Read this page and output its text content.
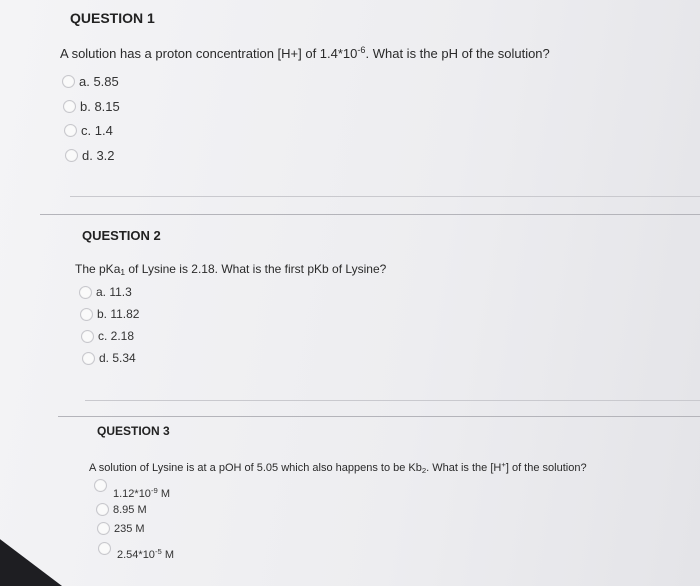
QUESTION 1
A solution has a proton concentration [H+] of $1.4*10^{-6}$. What is the pH of the solution?
a. 5.85
b. 8.15
c. 1.4
d. 3.2
QUESTION 2
The pKa$_1$ of Lysine is 2.18. What is the first pKb of Lysine?
a. 11.3
b. 11.82
c. 2.18
d. 5.34
QUESTION 3
A solution of Lysine is at a pOH of 5.05 which also happens to be $Kb_2$. What is the [H+] of the solution?
$1.12*10^{-9}$ M
8.95 M
235 M
$2.54*10^{-5}$ M
